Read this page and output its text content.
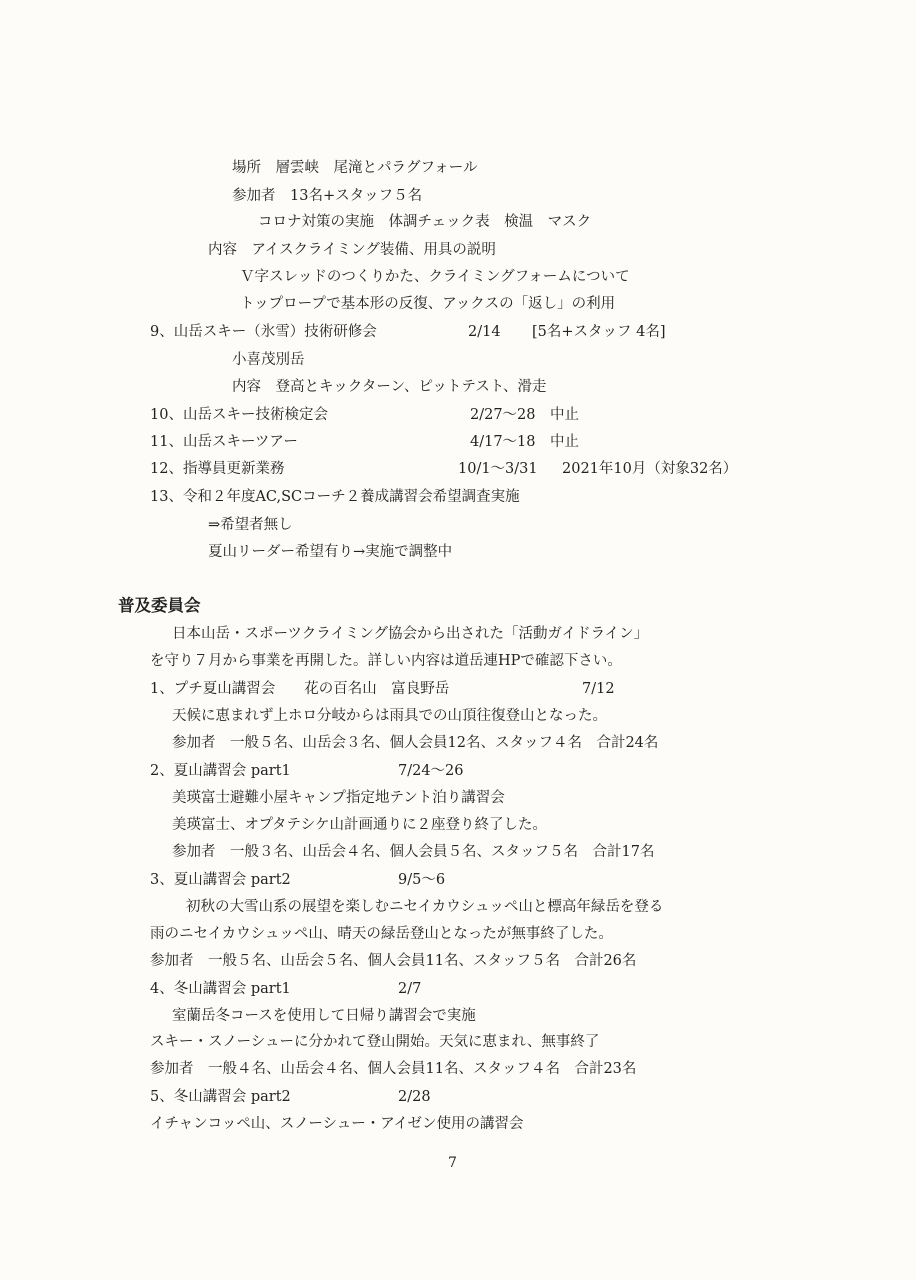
場所　層雲峡　尾滝とパラグフォール
参加者　13名+スタッフ５名
コロナ対策の実施　体調チェック表　検温　マスク
内容　アイスクライミング装備、用具の説明
Ｖ字スレッドのつくりかた、クライミングフォームについて
トップロープで基本形の反復、アックスの「返し」の利用
9、山岳スキー（氷雪）技術研修会	2/14 [5名+スタッフ 4名]
小喜茂別岳
内容　登高とキックターン、ピットテスト、滑走
10、山岳スキー技術検定会	2/27～28　中止
11、山岳スキーツアー	4/17～18　中止
12、指導員更新業務	10/1～3/31 2021年10月（対象32名）
13、令和２年度AC,SCコーチ２養成講習会希望調査実施
⇒希望者無し
夏山リーダー希望有り→実施で調整中
普及委員会
日本山岳・スポーツクライミング協会から出された「活動ガイドライン」
を守り７月から事業を再開した。詳しい内容は道岳連HPで確認下さい。
1、プチ夏山講習会　　花の百名山　富良野岳	7/12
天候に恵まれず上ホロ分岐からは雨具での山頂往復登山となった。
参加者　一般５名、山岳会３名、個人会員12名、スタッフ４名　合計24名
2、夏山講習会 part1	7/24～26
美瑛富士避難小屋キャンプ指定地テント泊り講習会
美瑛富士、オプタテシケ山計画通りに２座登り終了した。
参加者　一般３名、山岳会４名、個人会員５名、スタッフ５名　合計17名
3、夏山講習会 part2	9/5～6
初秋の大雪山系の展望を楽しむニセイカウシュッペ山と標高年緑岳を登る
雨のニセイカウシュッペ山、晴天の緑岳登山となったが無事終了した。
参加者　一般５名、山岳会５名、個人会員11名、スタッフ５名　合計26名
4、冬山講習会 part1	2/7
室蘭岳冬コースを使用して日帰り講習会で実施
スキー・スノーシューに分かれて登山開始。天気に恵まれ、無事終了
参加者　一般４名、山岳会４名、個人会員11名、スタッフ４名　合計23名
5、冬山講習会 part2	2/28
イチャンコッペ山、スノーシュー・アイゼン使用の講習会
7
